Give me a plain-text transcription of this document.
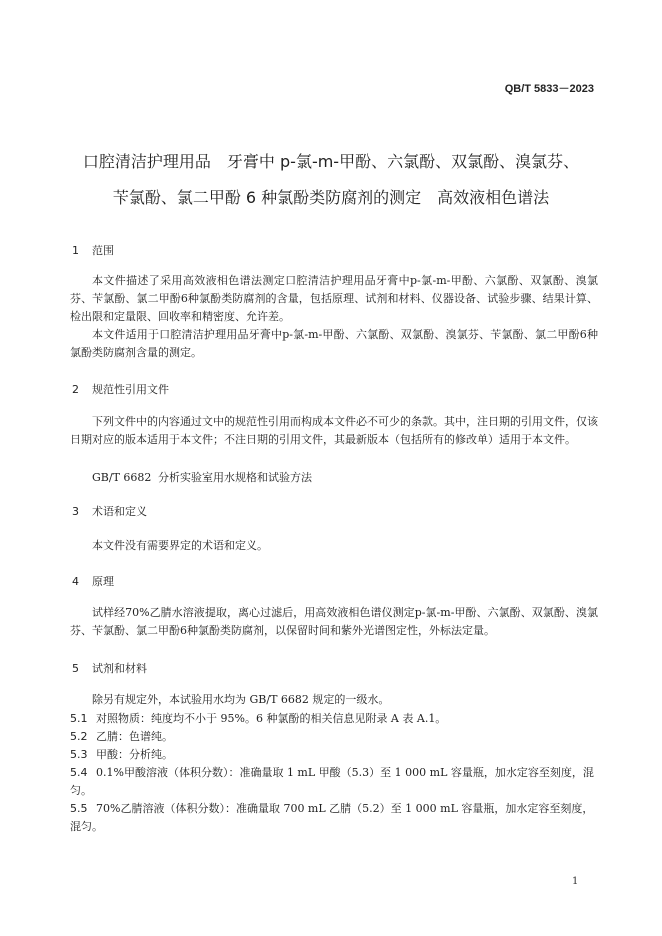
QB/T 5833－2023
口腔清洁护理用品　牙膏中 p-氯-m-甲酚、六氯酚、双氯酚、溴氯芬、
苄氯酚、氯二甲酚 6 种氯酚类防腐剂的测定　高效液相色谱法
1 范围
本文件描述了采用高效液相色谱法测定口腔清洁护理用品牙膏中p-氯-m-甲酚、六氯酚、双氯酚、溴氯芬、苄氯酚、氯二甲酚6种氯酚类防腐剂的含量，包括原理、试剂和材料、仪器设备、试验步骤、结果计算、检出限和定量限、回收率和精密度、允许差。
本文件适用于口腔清洁护理用品牙膏中p-氯-m-甲酚、六氯酚、双氯酚、溴氯芬、苄氯酚、氯二甲酚6种氯酚类防腐剂含量的测定。
2 规范性引用文件
下列文件中的内容通过文中的规范性引用而构成本文件必不可少的条款。其中，注日期的引用文件，仅该日期对应的版本适用于本文件；不注日期的引用文件，其最新版本（包括所有的修改单）适用于本文件。
GB/T 6682 分析实验室用水规格和试验方法
3 术语和定义
本文件没有需要界定的术语和定义。
4 原理
试样经70%乙腈水溶液提取，离心过滤后，用高效液相色谱仪测定p-氯-m-甲酚、六氯酚、双氯酚、溴氯芬、苄氯酚、氯二甲酚6种氯酚类防腐剂，以保留时间和紫外光谱图定性，外标法定量。
5 试剂和材料
除另有规定外，本试验用水均为 GB/T 6682 规定的一级水。
5.1 对照物质：纯度均不小于 95%。6 种氯酚的相关信息见附录 A 表 A.1。
5.2 乙腈：色谱纯。
5.3 甲酸：分析纯。
5.4 0.1%甲酸溶液（体积分数）：准确量取 1 mL 甲酸（5.3）至 1 000 mL 容量瓶，加水定容至刻度，混匀。
5.5 70%乙腈溶液（体积分数）：准确量取 700 mL 乙腈（5.2）至 1 000 mL 容量瓶，加水定容至刻度，混匀。
1
